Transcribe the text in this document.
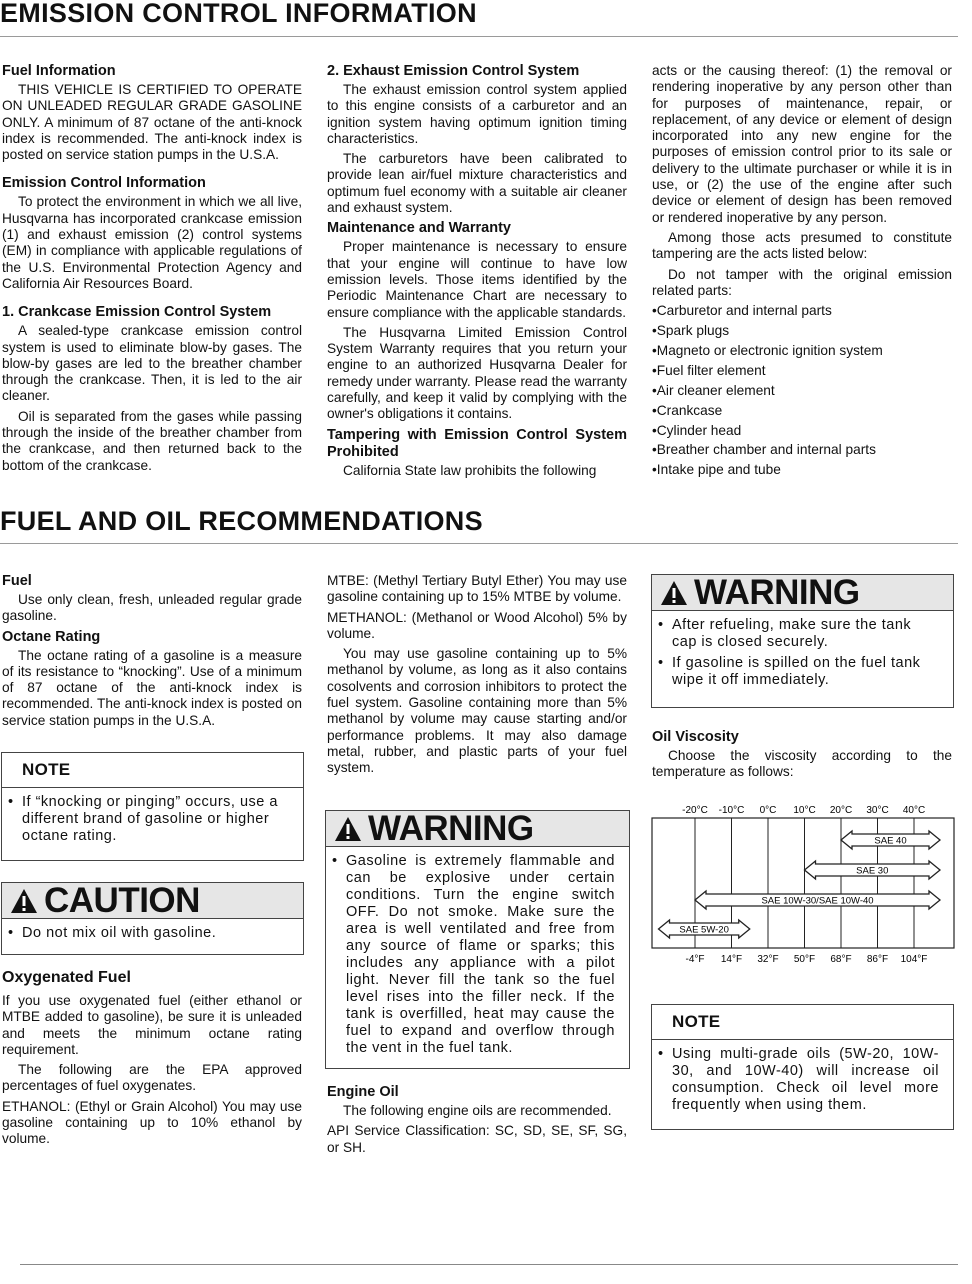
EMISSION CONTROL INFORMATION
Fuel Information

THIS VEHICLE IS CERTIFIED TO OPERATE ON UNLEADED REGULAR GRADE GASOLINE ONLY. A minimum of 87 octane of the anti-knock index is recommended. The anti-knock index is posted on service station pumps in the U.S.A.

Emission Control Information

To protect the environment in which we all live, Husqvarna has incorporated crankcase emission (1) and exhaust emission (2) control systems (EM) in compliance with applicable regulations of the U.S. Environmental Protection Agency and California Air Resources Board.

1. Crankcase Emission Control System

A sealed-type crankcase emission control system is used to eliminate blow-by gases. The blow-by gases are led to the breather chamber through the crankcase. Then, it is led to the air cleaner.

Oil is separated from the gases while passing through the inside of the breather chamber from the crankcase, and then returned back to the bottom of the crankcase.

2. Exhaust Emission Control System

The exhaust emission control system applied to this engine consists of a carburetor and an ignition system having optimum ignition timing characteristics.

The carburetors have been calibrated to provide lean air/fuel mixture characteristics and optimum fuel economy with a suitable air cleaner and exhaust system.

Maintenance and Warranty

Proper maintenance is necessary to ensure that your engine will continue to have low emission levels. Those items identified by the Periodic Maintenance Chart are necessary to ensure compliance with the applicable standards.

The Husqvarna Limited Emission Control System Warranty requires that you return your engine to an authorized Husqvarna Dealer for remedy under warranty. Please read the warranty carefully, and keep it valid by complying with the owner's obligations it contains.

Tampering with Emission Control System Prohibited

California State law prohibits the following

acts or the causing thereof: (1) the removal or rendering inoperative by any person other than for purposes of maintenance, repair, or replacement, of any device or element of design incorporated into any new engine for the purposes of emission control prior to its sale or delivery to the ultimate purchaser or while it is in use, or (2) the use of the engine after such device or element of design has been removed or rendered inoperative by any person.

Among those acts presumed to constitute tampering are the acts listed below:

Do not tamper with the original emission related parts:

• Carburetor and internal parts
• Spark plugs
• Magneto or electronic ignition system
• Fuel filter element
• Air cleaner element
• Crankcase
• Cylinder head
• Breather chamber and internal parts
• Intake pipe and tube
FUEL AND OIL RECOMMENDATIONS
Fuel

Use only clean, fresh, unleaded regular grade gasoline.

Octane Rating

The octane rating of a gasoline is a measure of its resistance to “knocking”. Use of a minimum of 87 octane of the anti-knock index is recommended. The anti-knock index is posted on service station pumps in the U.S.A.

NOTE
• If “knocking or pinging” occurs, use a different brand of gasoline or higher octane rating.
CAUTION
• Do not mix oil with gasoline.
Oxygenated Fuel

If you use oxygenated fuel (either ethanol or MTBE added to gasoline), be sure it is unleaded and meets the minimum octane rating requirement.

The following are the EPA approved percentages of fuel oxygenates.

ETHANOL: (Ethyl or Grain Alcohol) You may use gasoline containing up to 10% ethanol by volume.

MTBE: (Methyl Tertiary Butyl Ether) You may use gasoline containing up to 15% MTBE by volume.

METHANOL: (Methanol or Wood Alcohol) 5% by volume.

You may use gasoline containing up to 5% methanol by volume, as long as it also contains cosolvents and corrosion inhibitors to protect the fuel system. Gasoline containing more than 5% methanol by volume may cause starting and/or performance problems. It may also damage metal, rubber, and plastic parts of your fuel system.

WARNING
• Gasoline is extremely flammable and can be explosive under certain conditions. Turn the engine switch OFF. Do not smoke. Make sure the area is well ventilated and free from any source of flame or sparks; this includes any appliance with a pilot light. Never fill the tank so the fuel level rises into the filler neck. If the tank is overfilled, heat may cause the fuel to expand and overflow through the vent in the fuel tank.
Engine Oil

The following engine oils are recommended.

API Service Classification: SC, SD, SE, SF, SG, or SH.

WARNING
• After refueling, make sure the tank cap is closed securely.
• If gasoline is spilled on the fuel tank wipe it off immediately.
Oil Viscosity

Choose the viscosity according to the temperature as follows:

-20°C
-4°F
-10°C
14°F
0°C
32°F
10°C
50°F
20°C
68°F
30°C
86°F
40°C
104°F
SAE 40
SAE 30
SAE 10W-30/SAE 10W-40
SAE 5W-20
NOTE
• Using multi-grade oils (5W-20, 10W-30, and 10W-40) will increase oil consumption. Check oil level more frequently when using them.
